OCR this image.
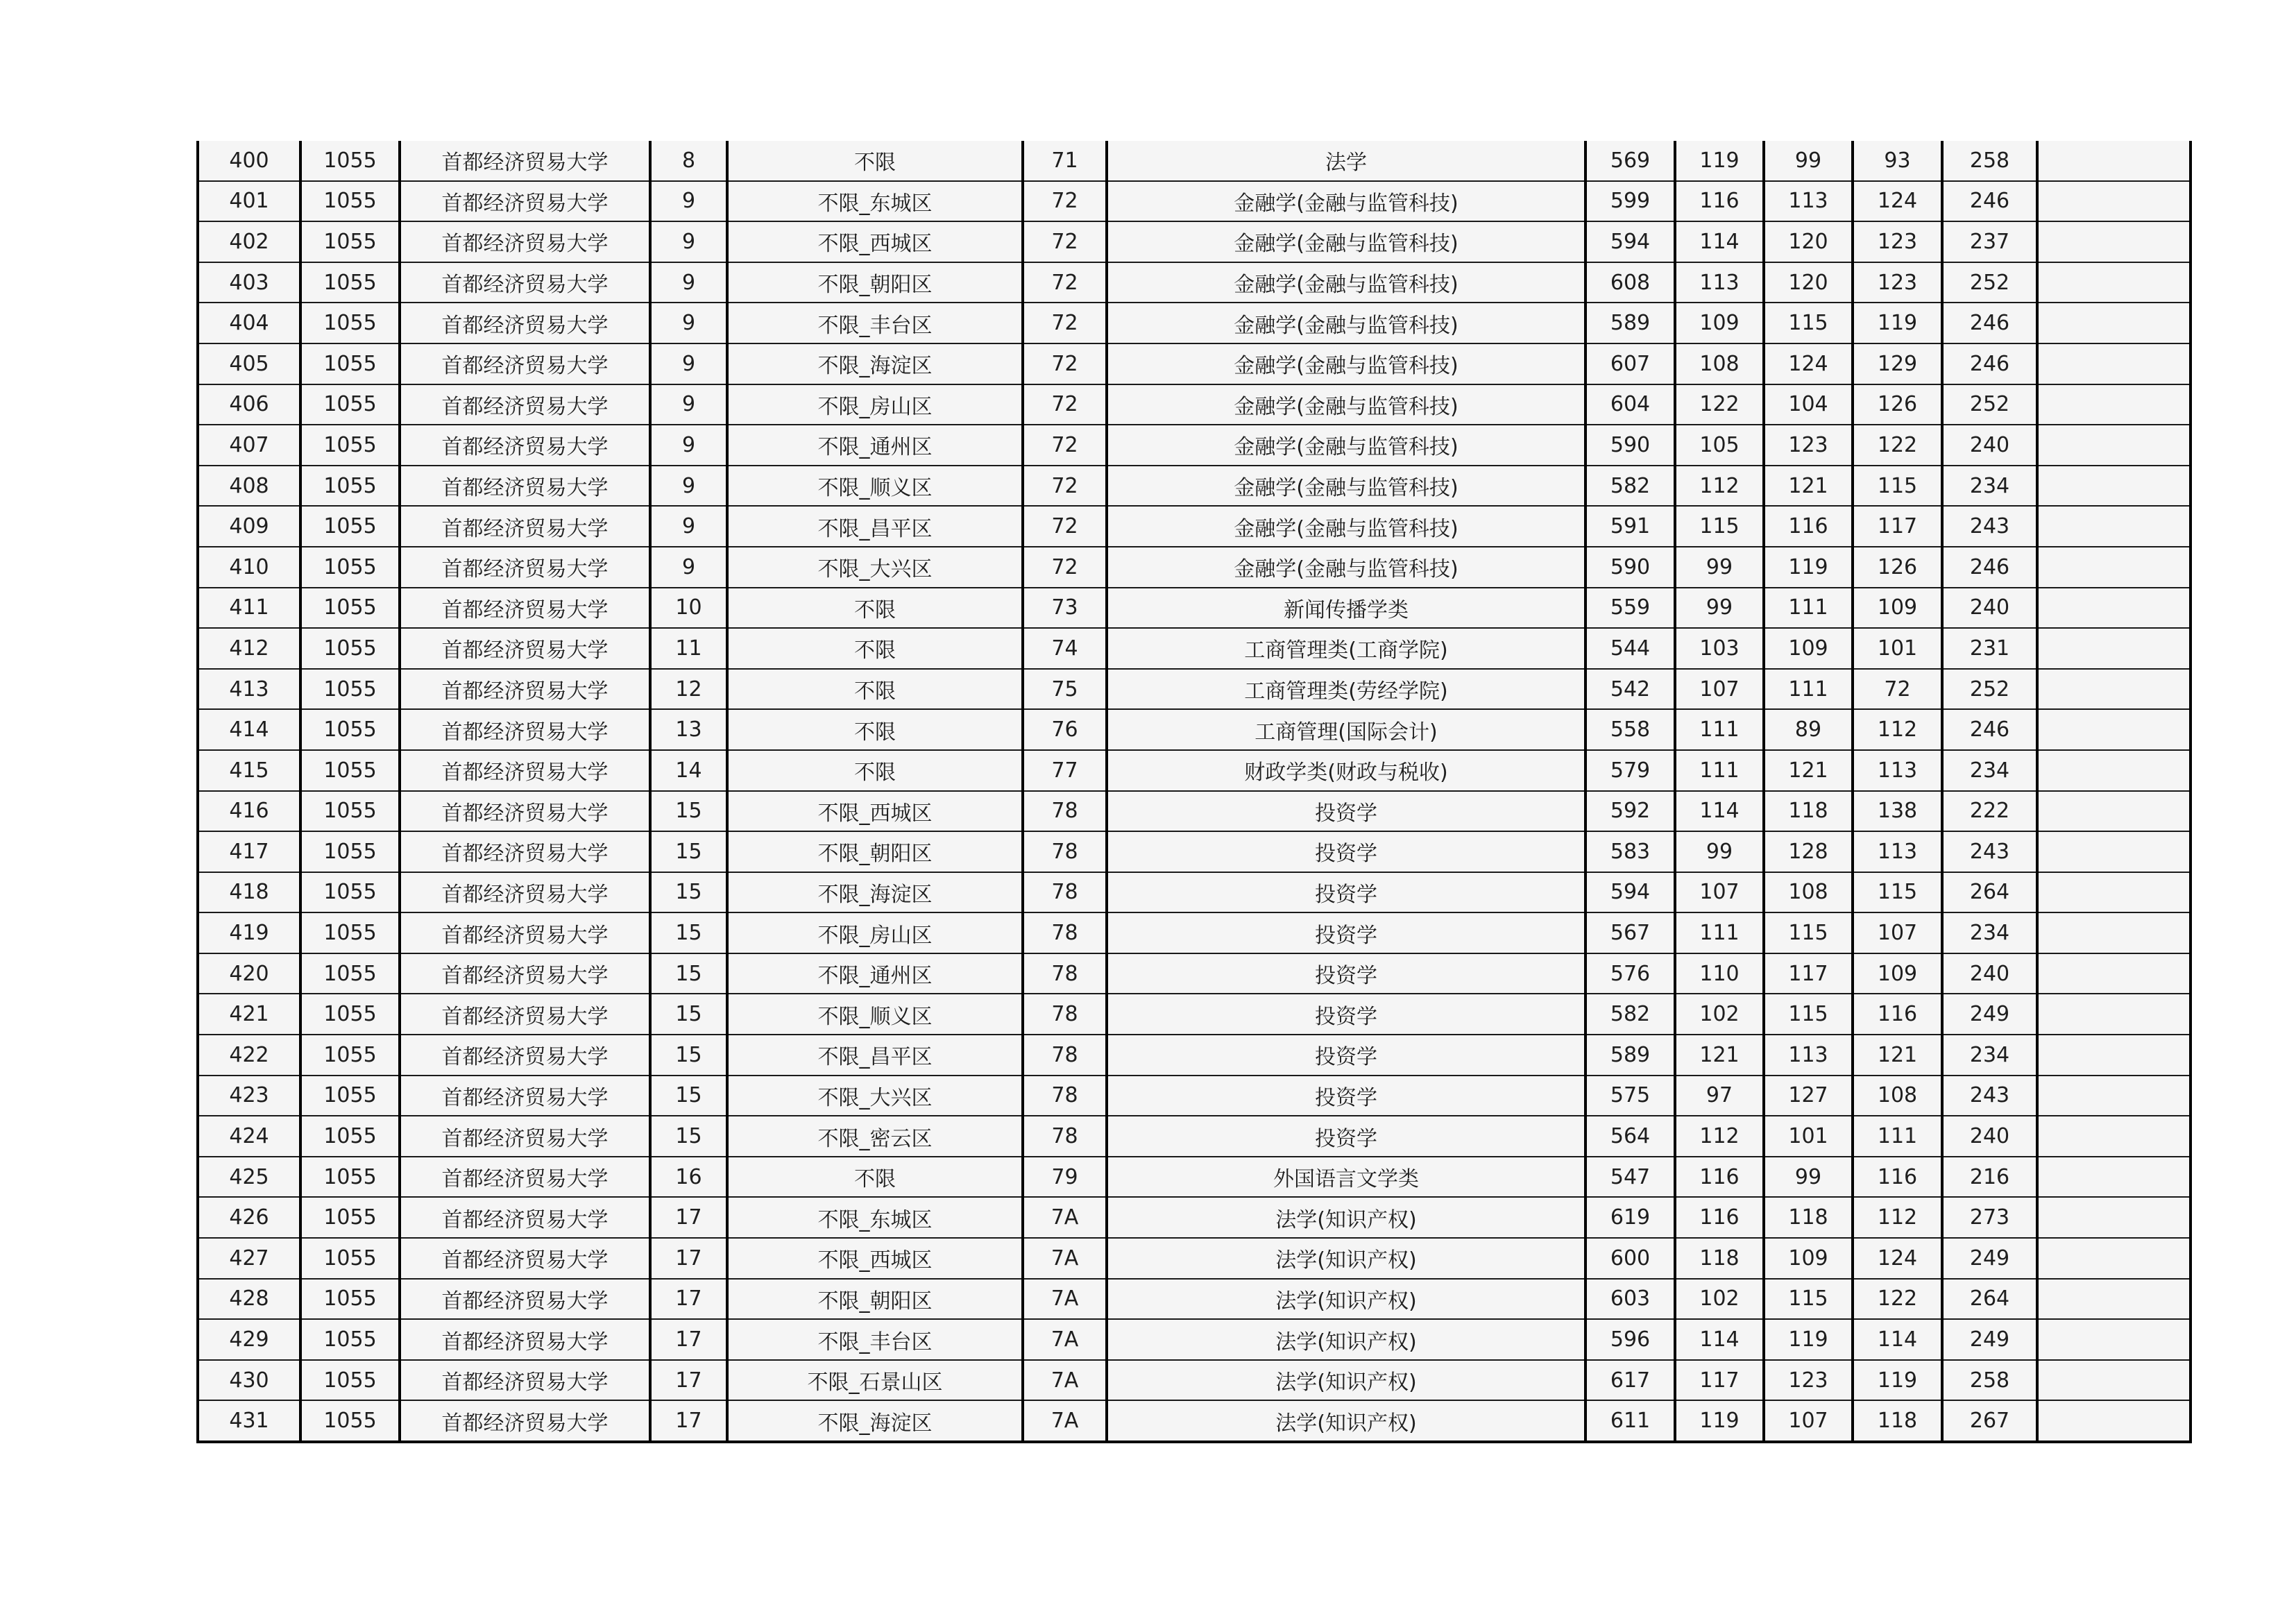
400	1055	首都经济贸易大学	8	不限	71	法学	569	119	99	93	258	
401	1055	首都经济贸易大学	9	不限_东城区	72	金融学(金融与监管科技)	599	116	113	124	246	
402	1055	首都经济贸易大学	9	不限_西城区	72	金融学(金融与监管科技)	594	114	120	123	237	
403	1055	首都经济贸易大学	9	不限_朝阳区	72	金融学(金融与监管科技)	608	113	120	123	252	
404	1055	首都经济贸易大学	9	不限_丰台区	72	金融学(金融与监管科技)	589	109	115	119	246	
405	1055	首都经济贸易大学	9	不限_海淀区	72	金融学(金融与监管科技)	607	108	124	129	246	
406	1055	首都经济贸易大学	9	不限_房山区	72	金融学(金融与监管科技)	604	122	104	126	252	
407	1055	首都经济贸易大学	9	不限_通州区	72	金融学(金融与监管科技)	590	105	123	122	240	
408	1055	首都经济贸易大学	9	不限_顺义区	72	金融学(金融与监管科技)	582	112	121	115	234	
409	1055	首都经济贸易大学	9	不限_昌平区	72	金融学(金融与监管科技)	591	115	116	117	243	
410	1055	首都经济贸易大学	9	不限_大兴区	72	金融学(金融与监管科技)	590	99	119	126	246	
411	1055	首都经济贸易大学	10	不限	73	新闻传播学类	559	99	111	109	240	
412	1055	首都经济贸易大学	11	不限	74	工商管理类(工商学院)	544	103	109	101	231	
413	1055	首都经济贸易大学	12	不限	75	工商管理类(劳经学院)	542	107	111	72	252	
414	1055	首都经济贸易大学	13	不限	76	工商管理(国际会计)	558	111	89	112	246	
415	1055	首都经济贸易大学	14	不限	77	财政学类(财政与税收)	579	111	121	113	234	
416	1055	首都经济贸易大学	15	不限_西城区	78	投资学	592	114	118	138	222	
417	1055	首都经济贸易大学	15	不限_朝阳区	78	投资学	583	99	128	113	243	
418	1055	首都经济贸易大学	15	不限_海淀区	78	投资学	594	107	108	115	264	
419	1055	首都经济贸易大学	15	不限_房山区	78	投资学	567	111	115	107	234	
420	1055	首都经济贸易大学	15	不限_通州区	78	投资学	576	110	117	109	240	
421	1055	首都经济贸易大学	15	不限_顺义区	78	投资学	582	102	115	116	249	
422	1055	首都经济贸易大学	15	不限_昌平区	78	投资学	589	121	113	121	234	
423	1055	首都经济贸易大学	15	不限_大兴区	78	投资学	575	97	127	108	243	
424	1055	首都经济贸易大学	15	不限_密云区	78	投资学	564	112	101	111	240	
425	1055	首都经济贸易大学	16	不限	79	外国语言文学类	547	116	99	116	216	
426	1055	首都经济贸易大学	17	不限_东城区	7A	法学(知识产权)	619	116	118	112	273	
427	1055	首都经济贸易大学	17	不限_西城区	7A	法学(知识产权)	600	118	109	124	249	
428	1055	首都经济贸易大学	17	不限_朝阳区	7A	法学(知识产权)	603	102	115	122	264	
429	1055	首都经济贸易大学	17	不限_丰台区	7A	法学(知识产权)	596	114	119	114	249	
430	1055	首都经济贸易大学	17	不限_石景山区	7A	法学(知识产权)	617	117	123	119	258	
431	1055	首都经济贸易大学	17	不限_海淀区	7A	法学(知识产权)	611	119	107	118	267	
